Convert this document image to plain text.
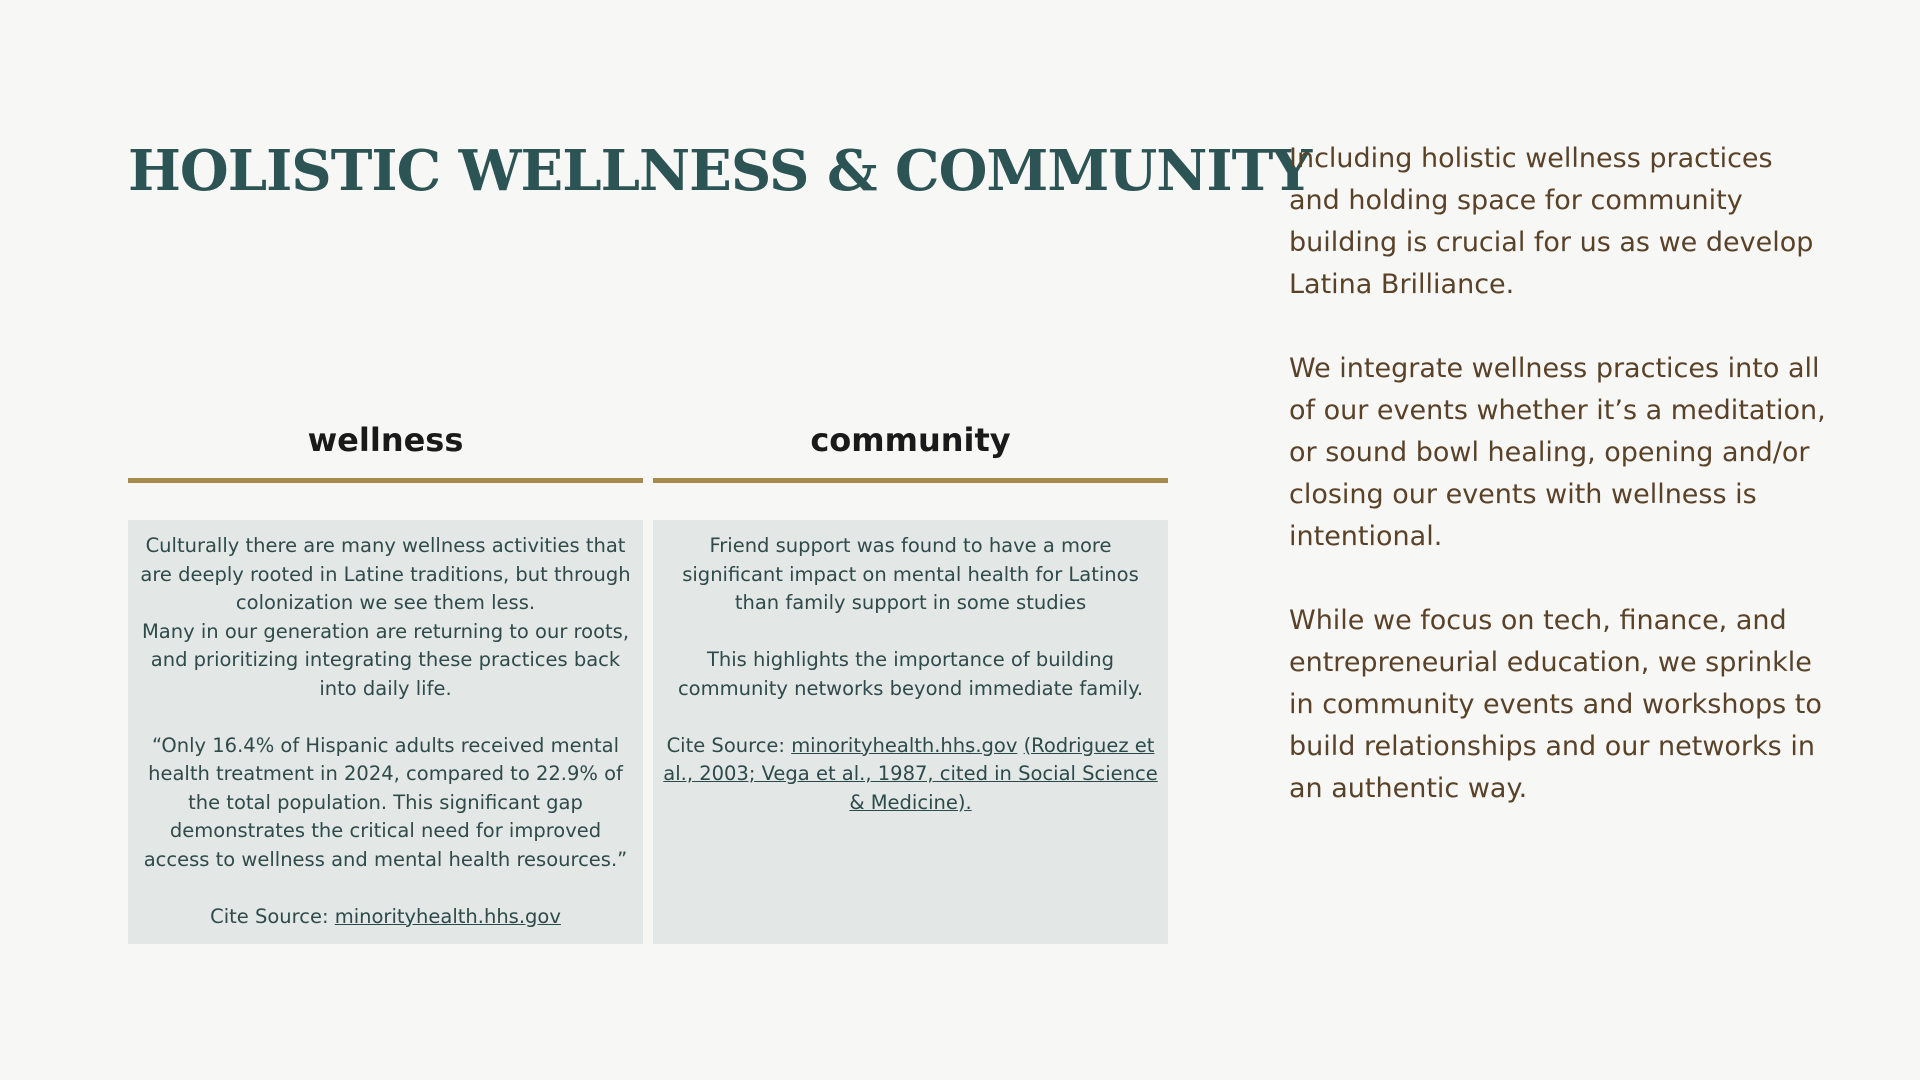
HOLISTIC WELLNESS & COMMUNITY
wellness

Culturally there are many wellness activities that are deeply rooted in Latine traditions, but through colonization we see them less.

Many in our generation are returning to our roots, and prioritizing integrating these practices back into daily life.

“Only 16.4% of Hispanic adults received mental health treatment in 2024, compared to 22.9% of the total population. This significant gap demonstrates the critical need for improved access to wellness and mental health resources.”

Cite Source: minorityhealth.hhs.gov

community

Friend support was found to have a more significant impact on mental health for Latinos than family support in some studies

This highlights the importance of building community networks beyond immediate family.

Cite Source: minorityhealth.hhs.gov (Rodriguez et al., 2003; Vega et al., 1987, cited in Social Science & Medicine).

Including holistic wellness practices and holding space for community building is crucial for us as we develop Latina Brilliance.

We integrate wellness practices into all of our events whether it’s a meditation, or sound bowl healing, opening and/or closing our events with wellness is intentional.

While we focus on tech, finance, and entrepreneurial education, we sprinkle in community events and workshops to build relationships and our networks in an authentic way.
